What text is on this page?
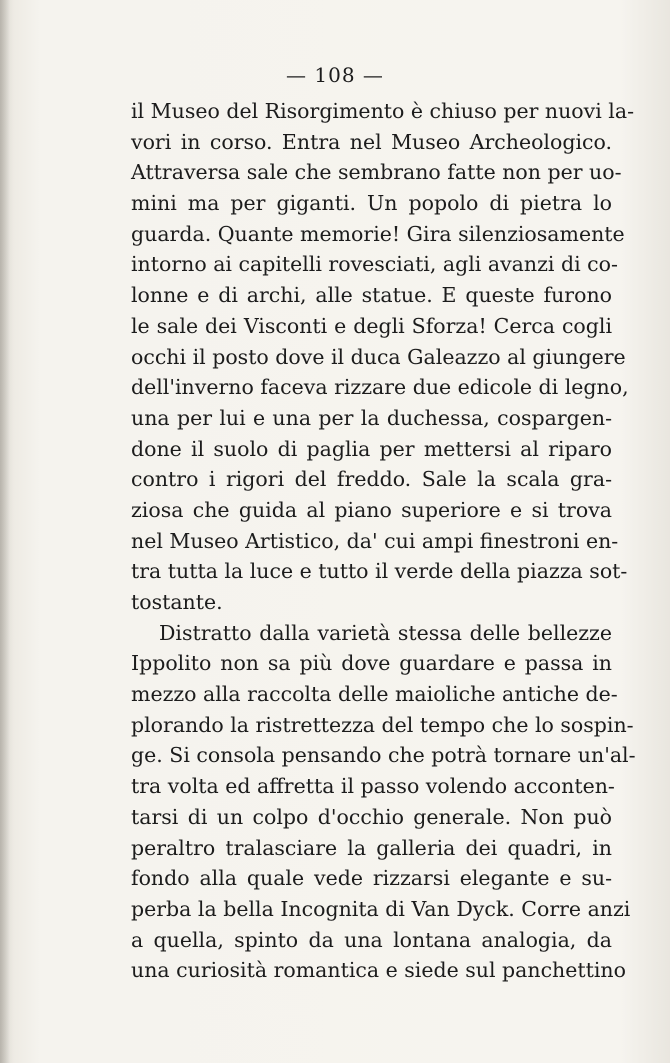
— 108 —
il Museo del Risorgimento è chiuso per nuovi la-
vori in corso. Entra nel Museo Archeologico.
Attraversa sale che sembrano fatte non per uo-
mini ma per giganti. Un popolo di pietra lo
guarda. Quante memorie! Gira silenziosamente
intorno ai capitelli rovesciati, agli avanzi di co-
lonne e di archi, alle statue. E queste furono
le sale dei Visconti e degli Sforza! Cerca cogli
occhi il posto dove il duca Galeazzo al giungere
dell'inverno faceva rizzare due edicole di legno,
una per lui e una per la duchessa, cospargen-
done il suolo di paglia per mettersi al riparo
contro i rigori del freddo. Sale la scala gra-
ziosa che guida al piano superiore e si trova
nel Museo Artistico, da' cui ampi finestroni en-
tra tutta la luce e tutto il verde della piazza sot-
tostante.
Distratto dalla varietà stessa delle bellezze
Ippolito non sa più dove guardare e passa in
mezzo alla raccolta delle maioliche antiche de-
plorando la ristrettezza del tempo che lo sospin-
ge. Si consola pensando che potrà tornare un'al-
tra volta ed affretta il passo volendo acconten-
tarsi di un colpo d'occhio generale. Non può
peraltro tralasciare la galleria dei quadri, in
fondo alla quale vede rizzarsi elegante e su-
perba la bella Incognita di Van Dyck. Corre anzi
a quella, spinto da una lontana analogia, da
una curiosità romantica e siede sul panchettino
